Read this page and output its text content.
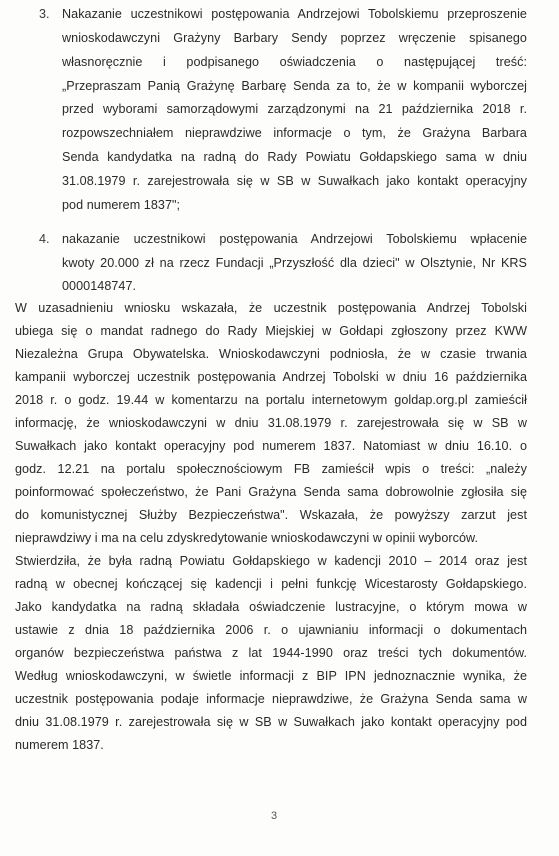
3. Nakazanie uczestnikowi postępowania Andrzejowi Tobolskiemu przeproszenie
wnioskodawczyni Grażyny Barbary Sendy poprzez wręczenie spisanego
własnoręcznie i podpisanego oświadczenia o następującej treść:
„Przepraszam Panią Grażynę Barbarę Senda za to, że w kompanii wyborczej
przed wyborami samorządowymi zarządzonymi na 21 października 2018 r.
rozpowszechniałem nieprawdziwe informacje o tym, że Grażyna Barbara
Senda kandydatka na radną do Rady Powiatu Gołdapskiego sama w dniu
31.08.1979 r. zarejestrowała się w SB w Suwałkach jako kontakt operacyjny
pod numerem 1837";
4. nakazanie uczestnikowi postępowania Andrzejowi Tobolskiemu wpłacenie
kwoty 20.000 zł na rzecz Fundacji „Przyszłość dla dzieci" w Olsztynie, Nr KRS
0000148747.
W uzasadnieniu wniosku wskazała, że uczestnik postępowania Andrzej Tobolski
ubiega się o mandat radnego do Rady Miejskiej w Gołdapi zgłoszony przez KWW
Niezależna Grupa Obywatelska. Wnioskodawczyni podniosła, że w czasie trwania
kampanii wyborczej uczestnik postępowania Andrzej Tobolski w dniu 16 października
2018 r. o godz. 19.44 w komentarzu na portalu internetowym goldap.org.pl zamieścił
informację, że wnioskodawczyni w dniu 31.08.1979 r. zarejestrowała się w SB w
Suwałkach jako kontakt operacyjny pod numerem 1837. Natomiast w dniu 16.10. o
godz. 12.21 na portalu społecznościowym FB zamieścił wpis o treści: „należy
poinformować społeczeństwo, że Pani Grażyna Senda sama dobrowolnie zgłosiła się
do komunistycznej Służby Bezpieczeństwa". Wskazała, że powyższy zarzut jest
nieprawdziwy i ma na celu zdyskredytowanie wnioskodawczyni w opinii wyborców.
Stwierdziła, że była radną Powiatu Gołdapskiego w kadencji 2010 – 2014 oraz jest
radną w obecnej kończącej się kadencji i pełni funkcję Wicestarosty Gołdapskiego.
Jako kandydatka na radną składała oświadczenie lustracyjne, o którym mowa w
ustawie z dnia 18 października 2006 r. o ujawnianiu informacji o dokumentach
organów bezpieczeństwa państwa z lat 1944-1990 oraz treści tych dokumentów.
Według wnioskodawczyni, w świetle informacji z BIP IPN jednoznacznie wynika, że
uczestnik postępowania podaje informacje nieprawdziwe, że Grażyna Senda sama w
dniu 31.08.1979 r. zarejestrowała się w SB w Suwałkach jako kontakt operacyjny pod
numerem 1837.
3
